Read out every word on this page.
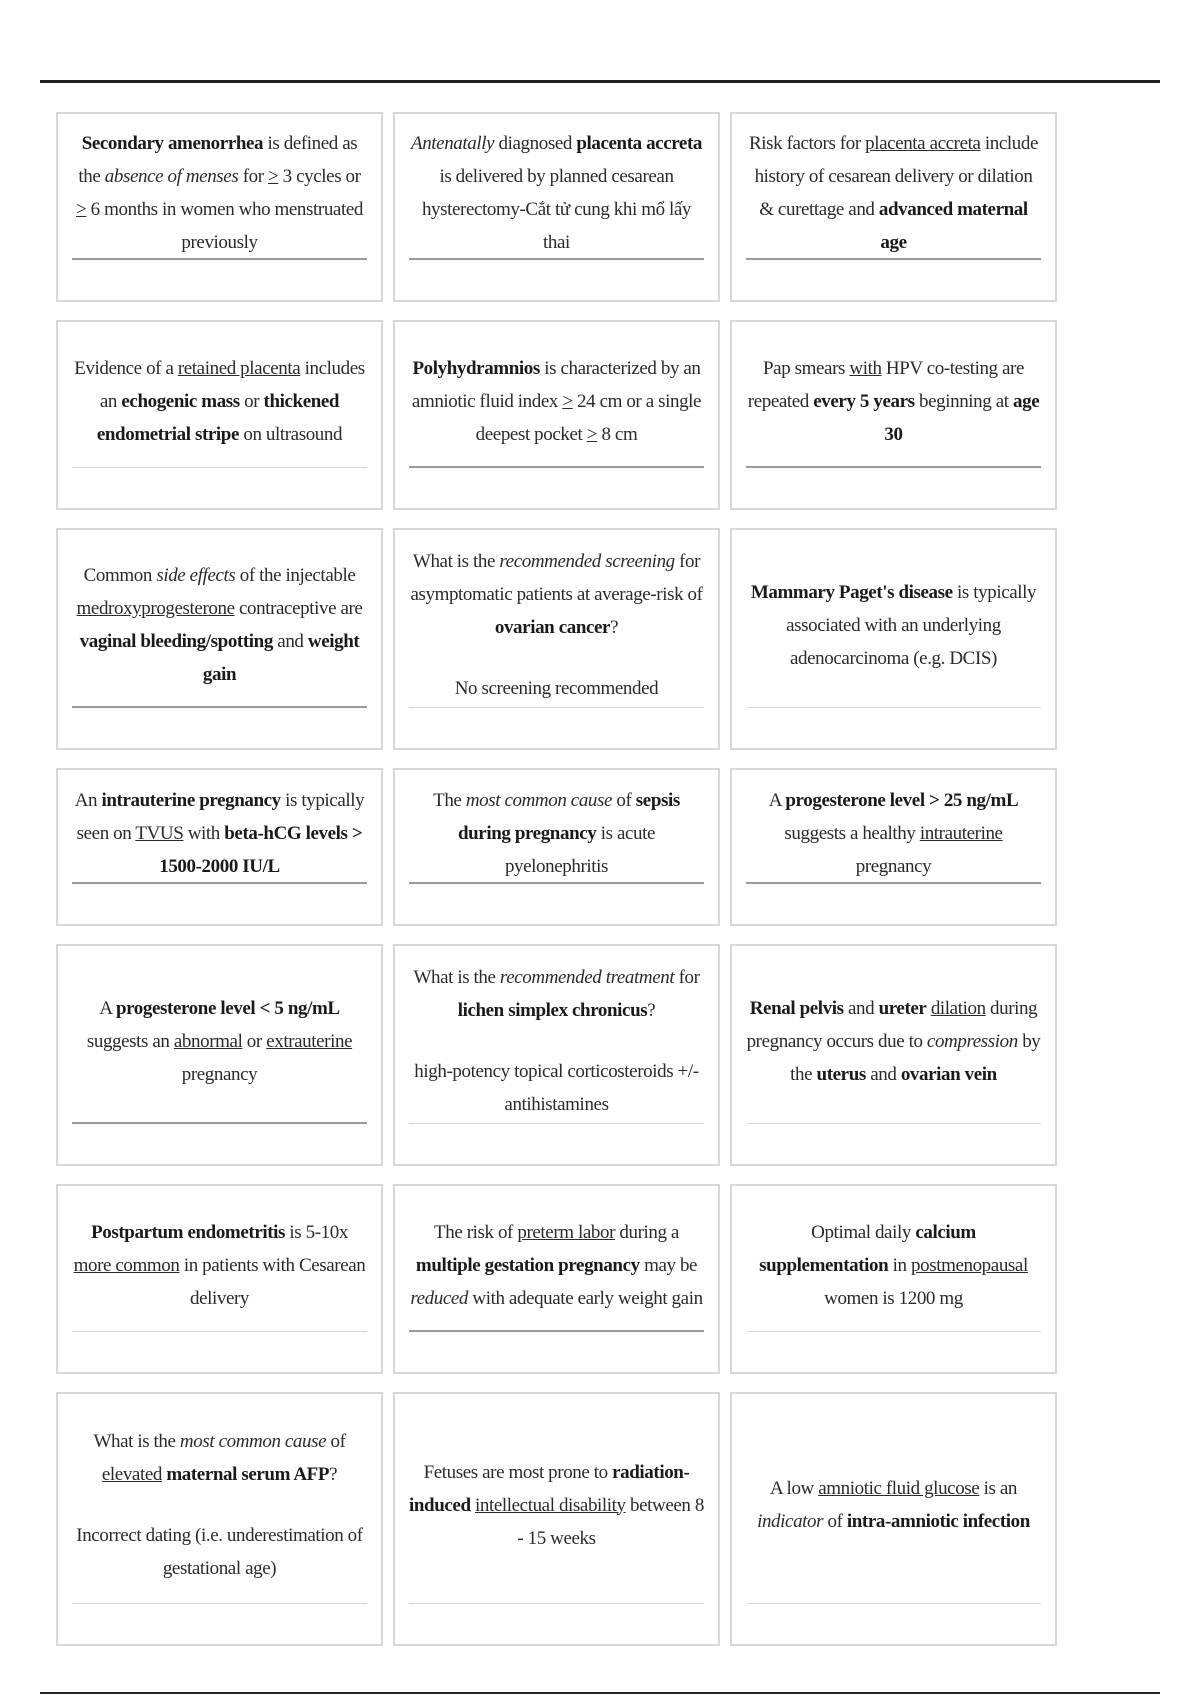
Secondary amenorrhea is defined as the absence of menses for > 3 cycles or > 6 months in women who menstruated previously
Antenatally diagnosed placenta accreta is delivered by planned cesarean hysterectomy-Cắt tử cung khi mổ lấy thai
Risk factors for placenta accreta include history of cesarean delivery or dilation & curettage and advanced maternal age
Evidence of a retained placenta includes an echogenic mass or thickened endometrial stripe on ultrasound
Polyhydramnios is characterized by an amniotic fluid index > 24 cm or a single deepest pocket > 8 cm
Pap smears with HPV co-testing are repeated every 5 years beginning at age 30
Common side effects of the injectable medroxyprogesterone contraceptive are vaginal bleeding/spotting and weight gain
What is the recommended screening for asymptomatic patients at average-risk of ovarian cancer?
No screening recommended
Mammary Paget's disease is typically associated with an underlying adenocarcinoma (e.g. DCIS)
An intrauterine pregnancy is typically seen on TVUS with beta-hCG levels > 1500-2000 IU/L
The most common cause of sepsis during pregnancy is acute pyelonephritis
A progesterone level > 25 ng/mL suggests a healthy intrauterine pregnancy
A progesterone level < 5 ng/mL suggests an abnormal or extrauterine pregnancy
What is the recommended treatment for lichen simplex chronicus?
high-potency topical corticosteroids +/- antihistamines
Renal pelvis and ureter dilation during pregnancy occurs due to compression by the uterus and ovarian vein
Postpartum endometritis is 5-10x more common in patients with Cesarean delivery
The risk of preterm labor during a multiple gestation pregnancy may be reduced with adequate early weight gain
Optimal daily calcium supplementation in postmenopausal women is 1200 mg
What is the most common cause of elevated maternal serum AFP?
Incorrect dating (i.e. underestimation of gestational age)
Fetuses are most prone to radiation-induced intellectual disability between 8 - 15 weeks
A low amniotic fluid glucose is an indicator of intra-amniotic infection
